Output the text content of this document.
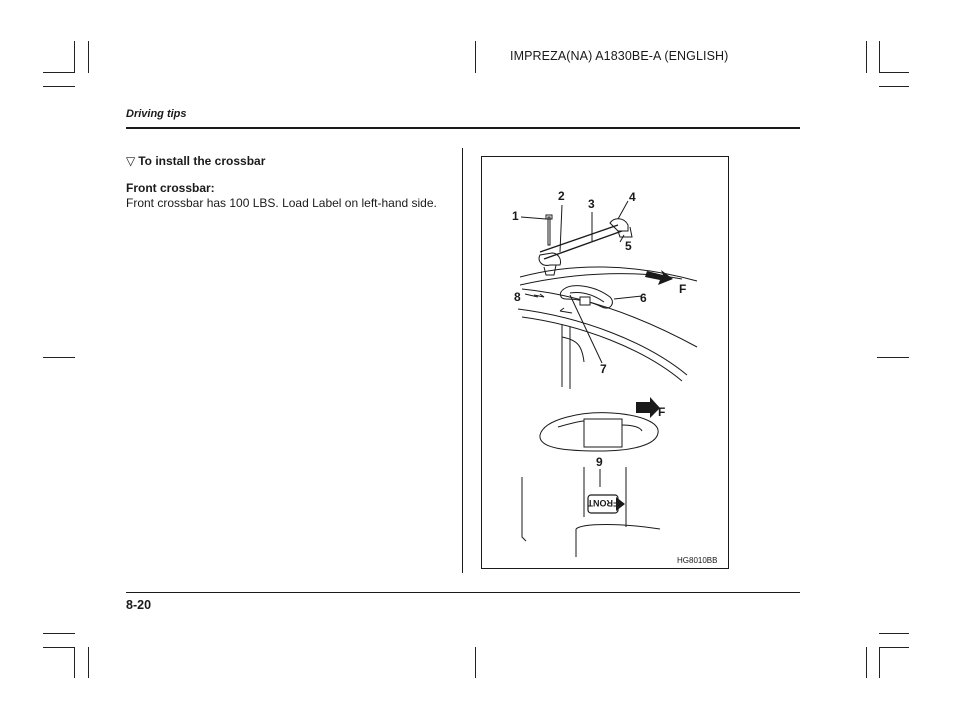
IMPREZA(NA) A1830BE-A (ENGLISH)
Driving tips
▽ To install the crossbar
Front crossbar:
Front crossbar has 100 LBS. Load Label on left-hand side.
FRONT
1
2
3	4
5
6
7
8
9
F
F
HG8010BB
8-20
